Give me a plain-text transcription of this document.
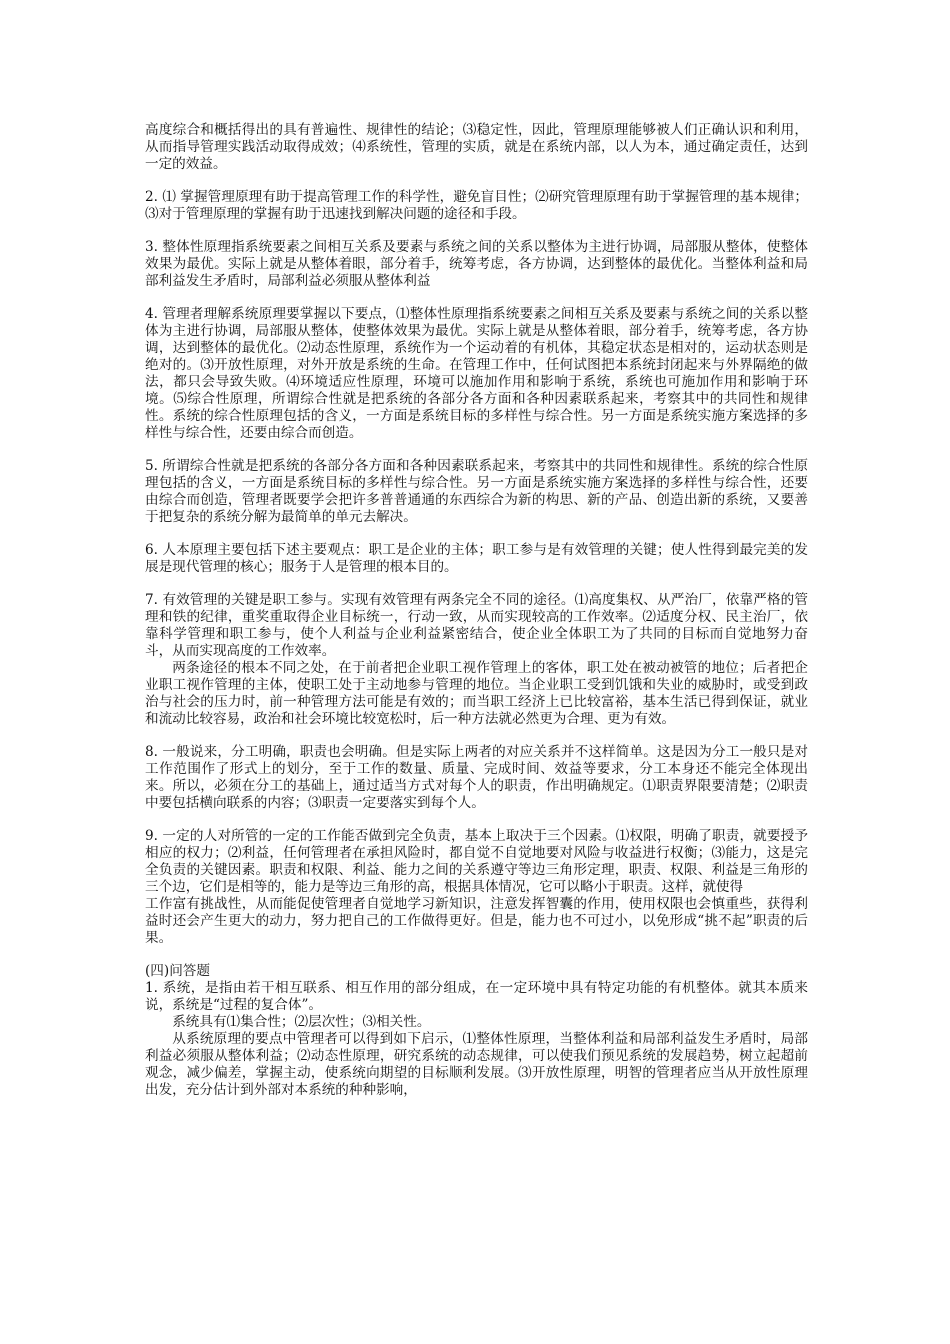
高度综合和概括得出的具有普遍性、规律性的结论；⑶稳定性，因此，管理原理能够被人们正确认识和利用，从而指导管理实践活动取得成效；⑷系统性，管理的实质，就是在系统内部，以人为本，通过确定责任，达到一定的效益。

2. ⑴ 掌握管理原理有助于提高管理工作的科学性，避免盲目性；⑵研究管理原理有助于掌握管理的基本规律；⑶对于管理原理的掌握有助于迅速找到解决问题的途径和手段。

3. 整体性原理指系统要素之间相互关系及要素与系统之间的关系以整体为主进行协调，局部服从整体，使整体效果为最优。实际上就是从整体着眼，部分着手，统筹考虑，各方协调，达到整体的最优化。当整体利益和局部利益发生矛盾时，局部利益必须服从整体利益

4. 管理者理解系统原理要掌握以下要点，⑴整体性原理指系统要素之间相互关系及要素与系统之间的关系以整体为主进行协调，局部服从整体，使整体效果为最优。实际上就是从整体着眼，部分着手，统筹考虑，各方协调，达到整体的最优化。⑵动态性原理，系统作为一个运动着的有机体，其稳定状态是相对的，运动状态则是绝对的。⑶开放性原理，对外开放是系统的生命。在管理工作中，任何试图把本系统封闭起来与外界隔绝的做法，都只会导致失败。⑷环境适应性原理，环境可以施加作用和影响于系统，系统也可施加作用和影响于环境。⑸综合性原理，所谓综合性就是把系统的各部分各方面和各种因素联系起来，考察其中的共同性和规律性。系统的综合性原理包括的含义，一方面是系统目标的多样性与综合性。另一方面是系统实施方案选择的多样性与综合性，还要由综合而创造。

5. 所谓综合性就是把系统的各部分各方面和各种因素联系起来，考察其中的共同性和规律性。系统的综合性原理包括的含义，一方面是系统目标的多样性与综合性。另一方面是系统实施方案选择的多样性与综合性，还要由综合而创造，管理者既要学会把许多普普通通的东西综合为新的构思、新的产品、创造出新的系统，又要善于把复杂的系统分解为最简单的单元去解决。

6. 人本原理主要包括下述主要观点：职工是企业的主体；职工参与是有效管理的关键；使人性得到最完美的发展是现代管理的核心；服务于人是管理的根本目的。

7. 有效管理的关键是职工参与。实现有效管理有两条完全不同的途径。⑴高度集权、从严治厂，依靠严格的管理和铁的纪律，重奖重取得企业目标统一，行动一致，从而实现较高的工作效率。⑵适度分权、民主治厂，依靠科学管理和职工参与，使个人利益与企业利益紧密结合，使企业全体职工为了共同的目标而自觉地努力奋斗，从而实现高度的工作效率。

两条途径的根本不同之处，在于前者把企业职工视作管理上的客体，职工处在被动被管的地位；后者把企业职工视作管理的主体，使职工处于主动地参与管理的地位。当企业职工受到饥饿和失业的威胁时，或受到政治与社会的压力时，前一种管理方法可能是有效的；而当职工经济上已比较富裕，基本生活已得到保证，就业和流动比较容易，政治和社会环境比较宽松时，后一种方法就必然更为合理、更为有效。

8. 一般说来，分工明确，职责也会明确。但是实际上两者的对应关系并不这样简单。这是因为分工一般只是对工作范围作了形式上的划分，至于工作的数量、质量、完成时间、效益等要求，分工本身还不能完全体现出来。所以，必须在分工的基础上，通过适当方式对每个人的职责，作出明确规定。⑴职责界限要清楚；⑵职责中要包括横向联系的内容；⑶职责一定要落实到每个人。

9. 一定的人对所管的一定的工作能否做到完全负责，基本上取决于三个因素。⑴权限，明确了职责，就要授予相应的权力；⑵利益，任何管理者在承担风险时，都自觉不自觉地要对风险与收益进行权衡；⑶能力，这是完全负责的关键因素。职责和权限、利益、能力之间的关系遵守等边三角形定理，职责、权限、利益是三角形的三个边，它们是相等的，能力是等边三角形的高，根据具体情况，它可以略小于职责。这样，就使得

工作富有挑战性，从而能促使管理者自觉地学习新知识，注意发挥智囊的作用，使用权限也会慎重些，获得利益时还会产生更大的动力，努力把自己的工作做得更好。但是，能力也不可过小，以免形成“挑不起”职责的后果。

(四)问答题

1. 系统，是指由若干相互联系、相互作用的部分组成，在一定环境中具有特定功能的有机整体。就其本质来说，系统是“过程的复合体”。

系统具有⑴集合性；⑵层次性；⑶相关性。

从系统原理的要点中管理者可以得到如下启示，⑴整体性原理，当整体利益和局部利益发生矛盾时，局部利益必须服从整体利益；⑵动态性原理，研究系统的动态规律，可以使我们预见系统的发展趋势，树立起超前观念，减少偏差，掌握主动，使系统向期望的目标顺利发展。⑶开放性原理，明智的管理者应当从开放性原理出发，充分估计到外部对本系统的种种影响，
